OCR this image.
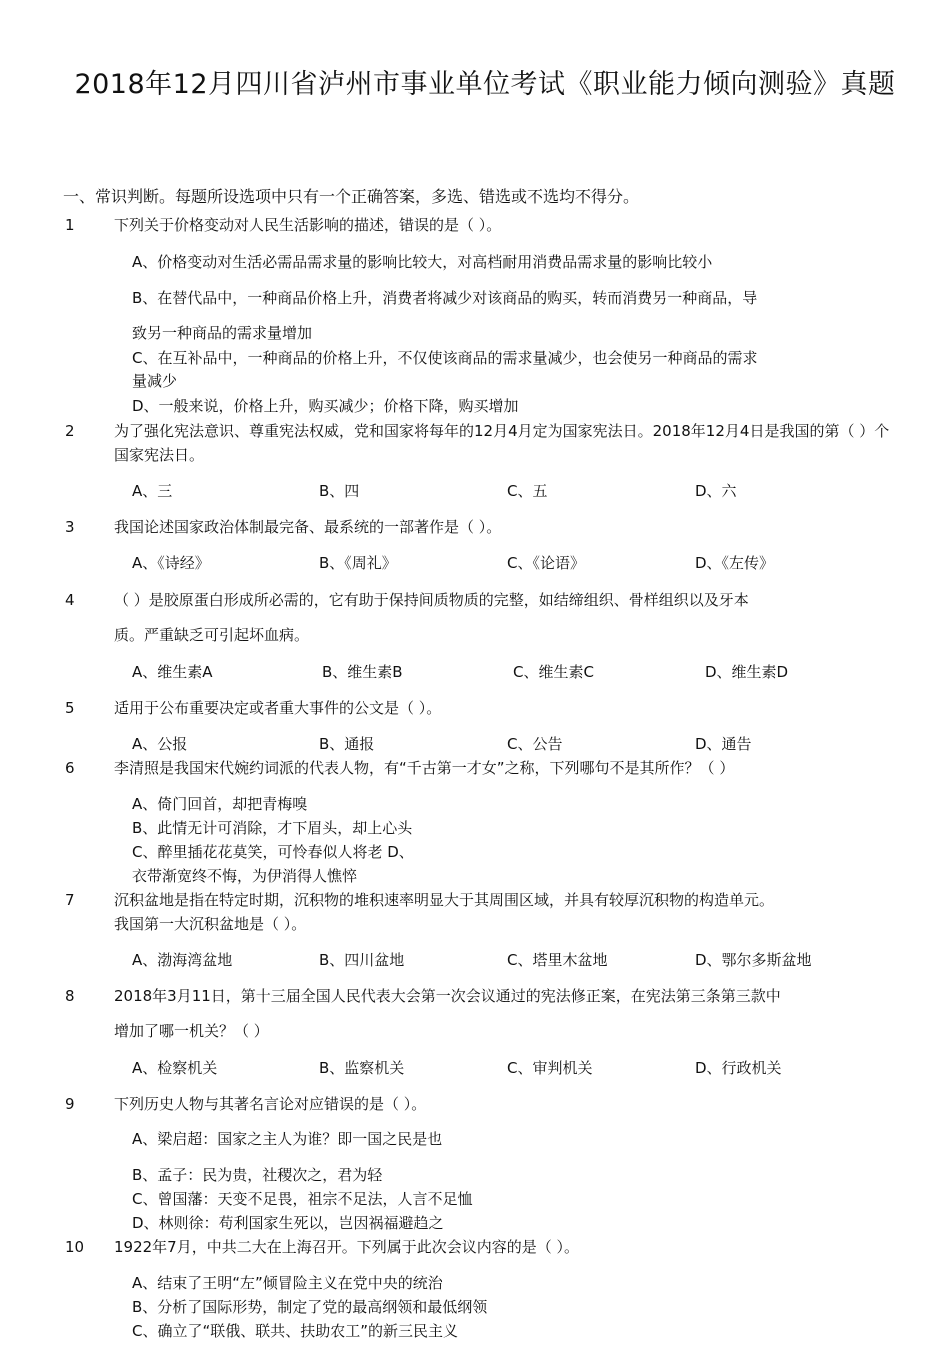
2018年12月四川省泸州市事业单位考试《职业能力倾向测验》真题
一、常识判断。每题所设选项中只有一个正确答案，多选、错选或不选均不得分。
1	下列关于价格变动对人民生活影响的描述，错误的是（ ）。
A、价格变动对生活必需品需求量的影响比较大，对高档耐用消费品需求量的影响比较小
B、在替代品中，一种商品价格上升，消费者将减少对该商品的购买，转而消费另一种商品，导
致另一种商品的需求量增加
C、在互补品中，一种商品的价格上升，不仅使该商品的需求量减少，也会使另一种商品的需求
量减少
D、一般来说，价格上升，购买减少；价格下降，购买增加
2	为了强化宪法意识、尊重宪法权威，党和国家将每年的12月4月定为国家宪法日。2018年12月4日是我国的第（ ）个国家宪法日。
A、三	B、四	C、五	D、六
3	我国论述国家政治体制最完备、最系统的一部著作是（ ）。
A、《诗经》	B、《周礼》	C、《论语》	D、《左传》
4	（ ）是胶原蛋白形成所必需的，它有助于保持间质物质的完整，如结缔组织、骨样组织以及牙本
质。严重缺乏可引起坏血病。
A、维生素A	B、维生素B	C、维生素C	D、维生素D
5	适用于公布重要决定或者重大事件的公文是（ ）。
A、公报	B、通报	C、公告	D、通告
6	李清照是我国宋代婉约词派的代表人物，有“千古第一才女”之称，下列哪句不是其所作？（ ）
A、倚门回首，却把青梅嗅
B、此情无计可消除，才下眉头，却上心头
C、醉里插花花莫笑，可怜春似人将老 D、
衣带渐宽终不悔，为伊消得人憔悴
7	沉积盆地是指在特定时期，沉积物的堆积速率明显大于其周围区域，并具有较厚沉积物的构造单元。
我国第一大沉积盆地是（ ）。
A、渤海湾盆地	B、四川盆地	C、塔里木盆地	D、鄂尔多斯盆地
8	2018年3月11日，第十三届全国人民代表大会第一次会议通过的宪法修正案，在宪法第三条第三款中
增加了哪一机关？（ ）
A、检察机关	B、监察机关	C、审判机关	D、行政机关
9	下列历史人物与其著名言论对应错误的是（ ）。
A、梁启超：国家之主人为谁？即一国之民是也
B、孟子：民为贵，社稷次之，君为轻
C、曾国藩：天变不足畏，祖宗不足法，人言不足恤
D、林则徐：苟利国家生死以，岂因祸福避趋之
10 1922年7月，中共二大在上海召开。下列属于此次会议内容的是（ ）。
A、结束了王明“左”倾冒险主义在党中央的统治
B、分析了国际形势，制定了党的最高纲领和最低纲领
C、确立了“联俄、联共、扶助农工”的新三民主义
